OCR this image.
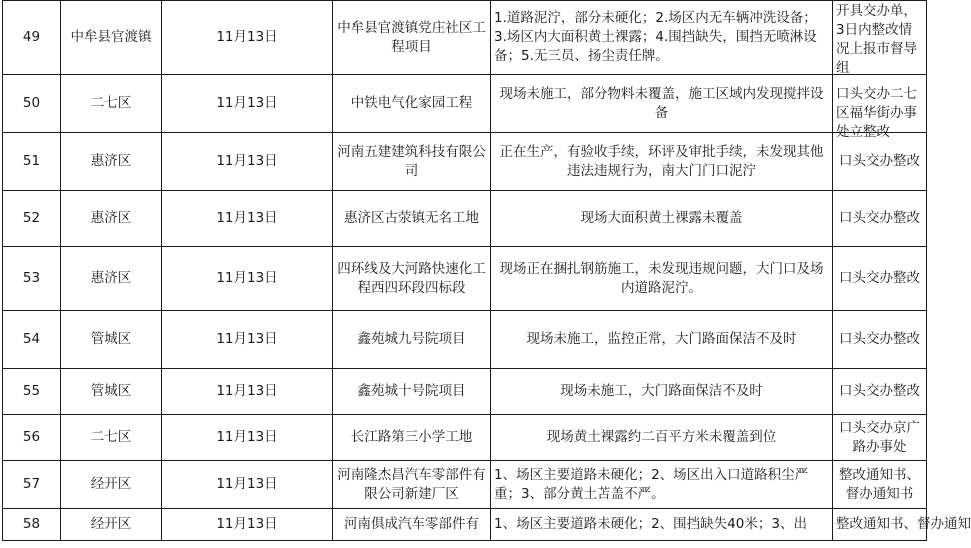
49	中牟县官渡镇	11月13日	中牟县官渡镇党庄社区工程项目	1.道路泥泞，部分未硬化；2.场区内无车辆冲洗设备；3.场区内大面积黄土裸露；4.围挡缺失，围挡无喷淋设备；5.无三员、扬尘责任牌。	开具交办单，3日内整改情况上报市督导组

50	二七区	11月13日	中铁电气化家园工程	现场未施工，部分物料未覆盖，施工区域内发现搅拌设备	口头交办二七区福华街办事处立整改

51	惠济区	11月13日	河南五建建筑科技有限公司	正在生产，有验收手续，环评及审批手续，未发现其他违法违规行为，南大门门口泥泞	口头交办整改

52	惠济区	11月13日	惠济区古荥镇无名工地	现场大面积黄土裸露未覆盖	口头交办整改

53	惠济区	11月13日	四环线及大河路快速化工程西四环段四标段	现场正在捆扎钢筋施工，未发现违规问题，大门口及场内道路泥泞。	口头交办整改

54	管城区	11月13日	鑫苑城九号院项目	现场未施工，监控正常，大门路面保洁不及时	口头交办整改

55	管城区	11月13日	鑫苑城十号院项目	现场未施工，大门路面保洁不及时	口头交办整改

56	二七区	11月13日	长江路第三小学工地	现场黄土裸露约二百平方米未覆盖到位	口头交办京广路办事处

57	经开区	11月13日	河南隆杰昌汽车零部件有限公司新建厂区	1、场区主要道路未硬化；2、场区出入口道路积尘严重；3、部分黄土苫盖不严。	整改通知书、督办通知书

58	经开区	11月13日	河南俱成汽车零部件有	1、场区主要道路未硬化；2、围挡缺失40米；3、出	整改通知书、督办通知
